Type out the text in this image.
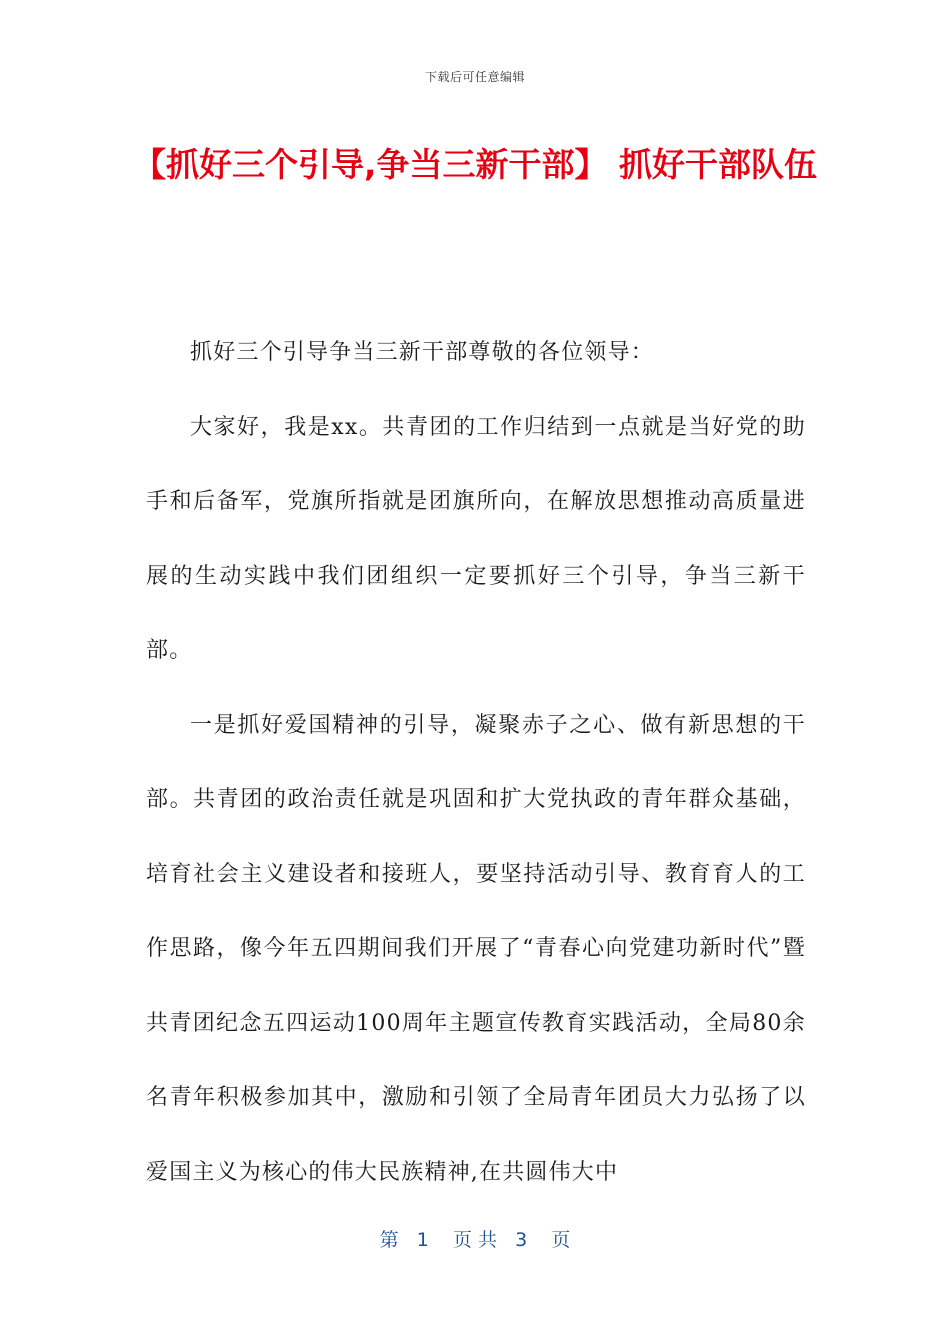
下载后可任意编辑
【抓好三个引导,争当三新干部】 抓好干部队伍

抓好三个引导争当三新干部尊敬的各位领导：

大家好，我是xx。共青团的工作归结到一点就是当好党的助手和后备军，党旗所指就是团旗所向，在解放思想推动高质量进展的生动实践中我们团组织一定要抓好三个引导，争当三新干部。

一是抓好爱国精神的引导，凝聚赤子之心、做有新思想的干部。共青团的政治责任就是巩固和扩大党执政的青年群众基础，培育社会主义建设者和接班人，要坚持活动引导、教育育人的工作思路，像今年五四期间我们开展了“青春心向党建功新时代”暨共青团纪念五四运动100周年主题宣传教育实践活动，全局80余名青年积极参加其中，激励和引领了全局青年团员大力弘扬了以爱国主义为核心的伟大民族精神,在共圆伟大中

第   1    页 共   3    页
